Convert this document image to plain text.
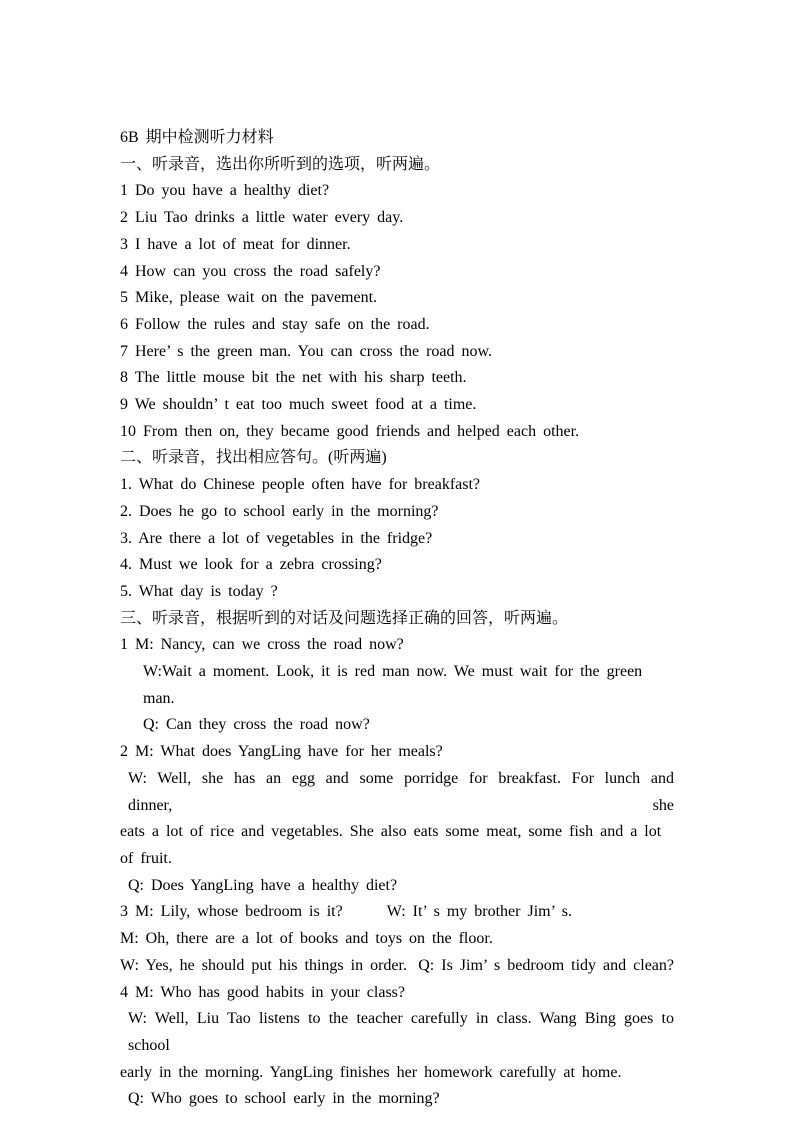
6B 期中检测听力材料
一、听录音，选出你所听到的选项，听两遍。
1 Do you have a healthy diet?
2 Liu Tao drinks a little water every day.
3 I have a lot of meat for dinner.
4 How can you cross the road safely?
5 Mike, please wait on the pavement.
6 Follow the rules and stay safe on the road.
7 Here’ s the green man. You can cross the road now.
8 The little mouse bit the net with his sharp teeth.
9 We shouldn’ t eat too much sweet food at a time.
10 From then on, they became good friends and helped each other.
二、听录音，找出相应答句。(听两遍)
1. What do Chinese people often have for breakfast?
2. Does he go to school early in the morning?
3. Are there a lot of vegetables in the fridge?
4. Must we look for a zebra crossing?
5. What day is today ?
三、听录音，根据听到的对话及问题选择正确的回答，听两遍。
1 M: Nancy, can we cross the road now?
W:Wait a moment. Look, it is red man now. We must wait for the green man.
Q: Can they cross the road now?
2 M: What does YangLing have for her meals?
W: Well, she has an egg and some porridge for breakfast. For lunch and dinner, she
eats a lot of rice and vegetables. She also eats some meat, some fish and a lot of fruit.
Q: Does YangLing have a healthy diet?
3 M: Lily, whose bedroom is it?	W: It’ s my brother Jim’ s.
M: Oh, there are a lot of books and toys on the floor.
W: Yes, he should put his things in order. Q: Is Jim’ s bedroom tidy and clean?
4 M: Who has good habits in your class?
W: Well, Liu Tao listens to the teacher carefully in class. Wang Bing goes to school
early in the morning. YangLing finishes her homework carefully at home.
Q: Who goes to school early in the morning?
